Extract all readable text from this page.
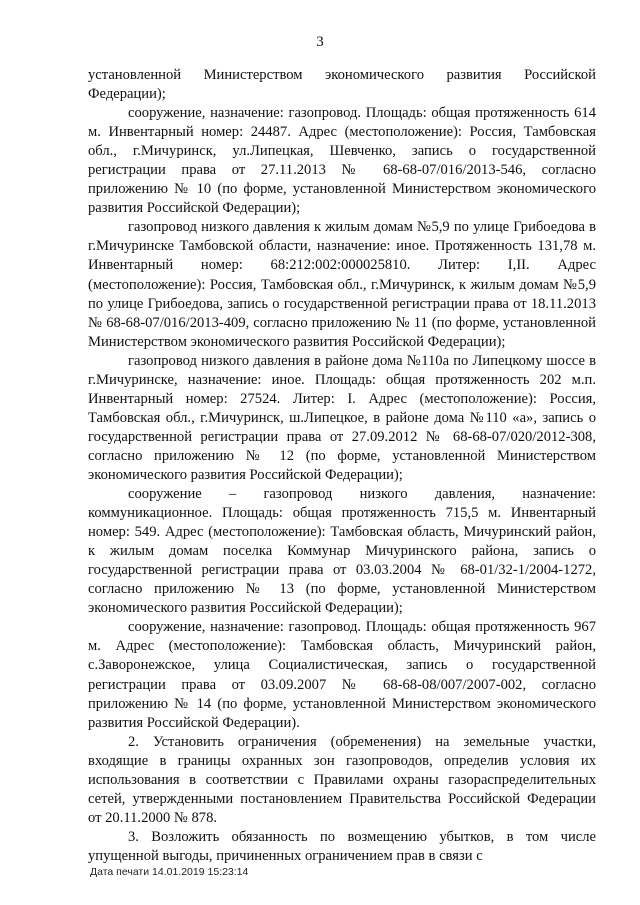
3

установленной Министерством экономического развития Российской Федерации);

сооружение, назначение: газопровод. Площадь: общая протяженность 614 м. Инвентарный номер: 24487. Адрес (местоположение): Россия, Тамбовская обл., г.Мичуринск, ул.Липецкая, Шевченко, запись о государственной регистрации права от 27.11.2013 № 68-68-07/016/2013-546, согласно приложению № 10 (по форме, установленной Министерством экономического развития Российской Федерации);

газопровод низкого давления к жилым домам №5,9 по улице Грибоедова в г.Мичуринске Тамбовской области, назначение: иное. Протяженность 131,78 м. Инвентарный номер: 68:212:002:000025810. Литер: I,II. Адрес (местоположение): Россия, Тамбовская обл., г.Мичуринск, к жилым домам №5,9 по улице Грибоедова, запись о государственной регистрации права от 18.11.2013 № 68-68-07/016/2013-409, согласно приложению № 11 (по форме, установленной Министерством экономического развития Российской Федерации);

газопровод низкого давления в районе дома №110а по Липецкому шоссе в г.Мичуринске, назначение: иное. Площадь: общая протяженность 202 м.п. Инвентарный номер: 27524. Литер: I. Адрес (местоположение): Россия, Тамбовская обл., г.Мичуринск, ш.Липецкое, в районе дома №110 «а», запись о государственной регистрации права от 27.09.2012 № 68-68-07/020/2012-308, согласно приложению № 12 (по форме, установленной Министерством экономического развития Российской Федерации);

сооружение – газопровод низкого давления, назначение: коммуникационное. Площадь: общая протяженность 715,5 м. Инвентарный номер: 549. Адрес (местоположение): Тамбовская область, Мичуринский район, к жилым домам поселка Коммунар Мичуринского района, запись о государственной регистрации права от 03.03.2004 № 68-01/32-1/2004-1272, согласно приложению № 13 (по форме, установленной Министерством экономического развития Российской Федерации);

сооружение, назначение: газопровод. Площадь: общая протяженность 967 м. Адрес (местоположение): Тамбовская область, Мичуринский район, с.Заворонежское, улица Социалистическая, запись о государственной регистрации права от 03.09.2007 № 68-68-08/007/2007-002, согласно приложению № 14 (по форме, установленной Министерством экономического развития Российской Федерации).

2. Установить ограничения (обременения) на земельные участки, входящие в границы охранных зон газопроводов, определив условия их использования в соответствии с Правилами охраны газораспределительных сетей, утвержденными постановлением Правительства Российской Федерации от 20.11.2000 № 878.

3. Возложить обязанность по возмещению убытков, в том числе упущенной выгоды, причиненных ограничением прав в связи с

Дата печати 14.01.2019 15:23:14
